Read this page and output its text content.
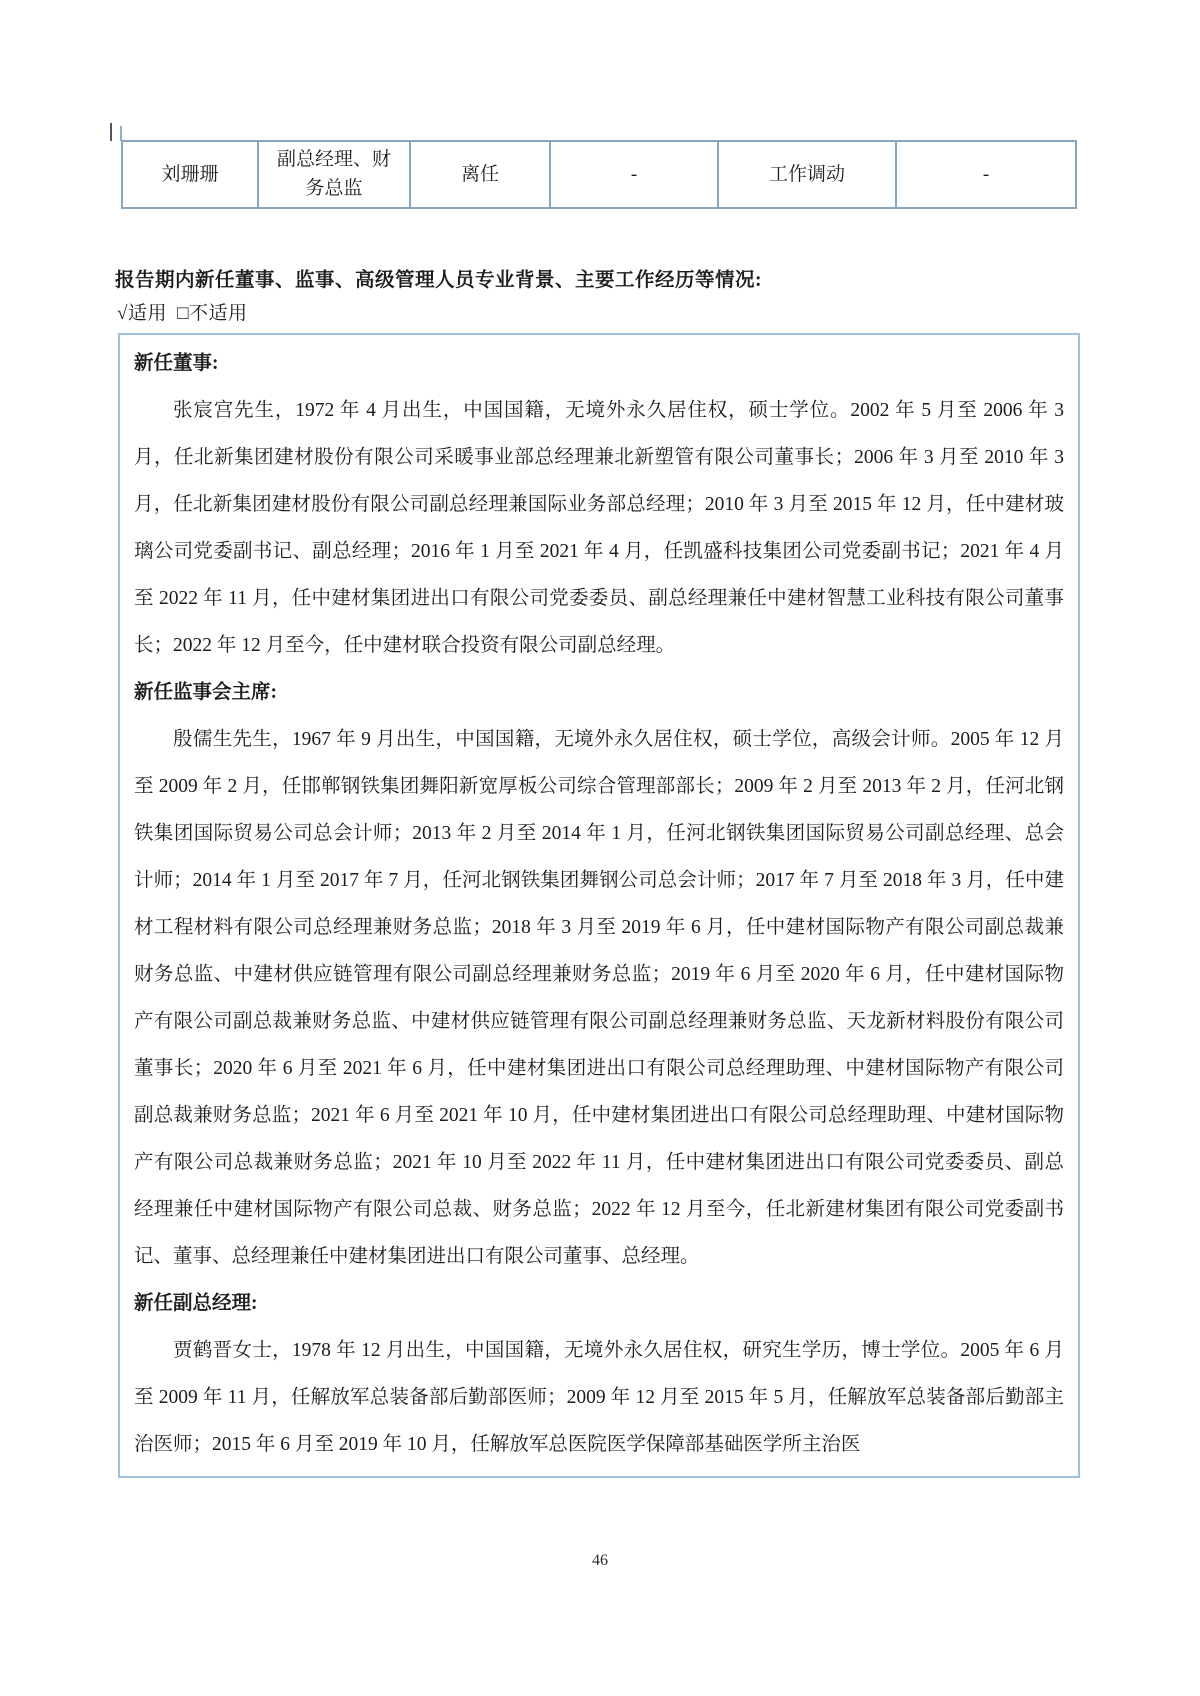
刘珊珊	副总经理、财务总监	离任	-	工作调动	-
报告期内新任董事、监事、高级管理人员专业背景、主要工作经历等情况:
√适用 □不适用
新任董事:
张宸宫先生，1972 年 4 月出生，中国国籍，无境外永久居住权，硕士学位。2002 年 5 月至 2006 年 3 月，任北新集团建材股份有限公司采暖事业部总经理兼北新塑管有限公司董事长；2006 年 3 月至 2010 年 3 月，任北新集团建材股份有限公司副总经理兼国际业务部总经理；2010 年 3 月至 2015 年 12 月，任中建材玻璃公司党委副书记、副总经理；2016 年 1 月至 2021 年 4 月，任凯盛科技集团公司党委副书记；2021 年 4 月至 2022 年 11 月，任中建材集团进出口有限公司党委委员、副总经理兼任中建材智慧工业科技有限公司董事长；2022 年 12 月至今，任中建材联合投资有限公司副总经理。
新任监事会主席:
殷儒生先生，1967 年 9 月出生，中国国籍，无境外永久居住权，硕士学位，高级会计师。2005 年 12 月至 2009 年 2 月，任邯郸钢铁集团舞阳新宽厚板公司综合管理部部长；2009 年 2 月至 2013 年 2 月，任河北钢铁集团国际贸易公司总会计师；2013 年 2 月至 2014 年 1 月，任河北钢铁集团国际贸易公司副总经理、总会计师；2014 年 1 月至 2017 年 7 月，任河北钢铁集团舞钢公司总会计师；2017 年 7 月至 2018 年 3 月，任中建材工程材料有限公司总经理兼财务总监；2018 年 3 月至 2019 年 6 月，任中建材国际物产有限公司副总裁兼财务总监、中建材供应链管理有限公司副总经理兼财务总监；2019 年 6 月至 2020 年 6 月，任中建材国际物产有限公司副总裁兼财务总监、中建材供应链管理有限公司副总经理兼财务总监、天龙新材料股份有限公司董事长；2020 年 6 月至 2021 年 6 月，任中建材集团进出口有限公司总经理助理、中建材国际物产有限公司副总裁兼财务总监；2021 年 6 月至 2021 年 10 月，任中建材集团进出口有限公司总经理助理、中建材国际物产有限公司总裁兼财务总监；2021 年 10 月至 2022 年 11 月，任中建材集团进出口有限公司党委委员、副总经理兼任中建材国际物产有限公司总裁、财务总监；2022 年 12 月至今，任北新建材集团有限公司党委副书记、董事、总经理兼任中建材集团进出口有限公司董事、总经理。
新任副总经理:
贾鹤晋女士，1978 年 12 月出生，中国国籍，无境外永久居住权，研究生学历，博士学位。2005 年 6 月至 2009 年 11 月，任解放军总装备部后勤部医师；2009 年 12 月至 2015 年 5 月，任解放军总装备部后勤部主治医师；2015 年 6 月至 2019 年 10 月，任解放军总医院医学保障部基础医学所主治医
46
